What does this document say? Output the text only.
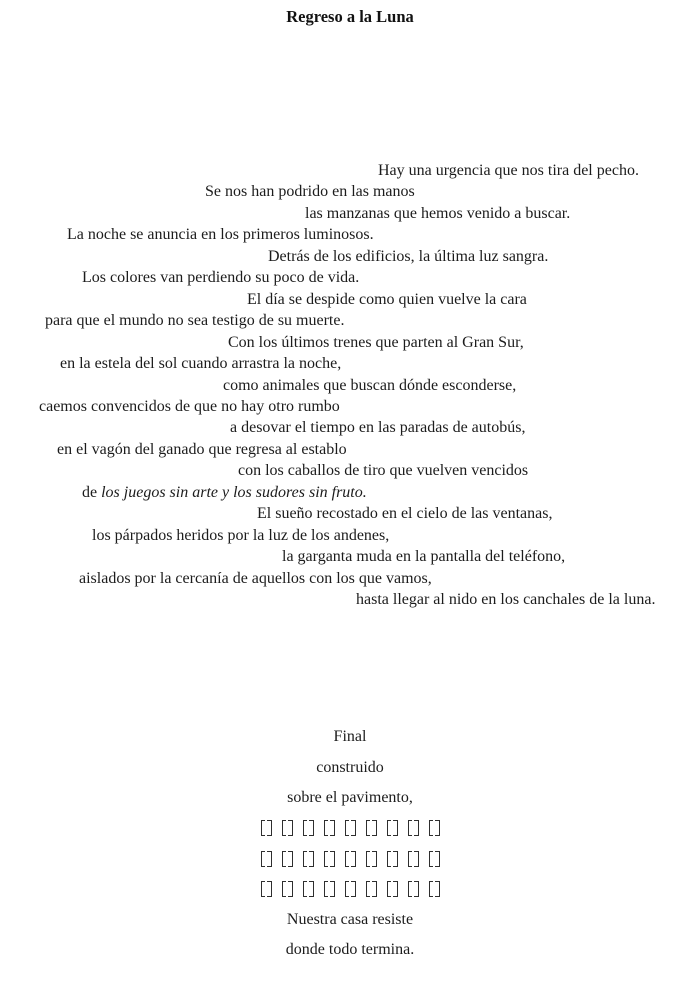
Regreso a la Luna
Hay una urgencia que nos tira del pecho.
Se nos han podrido en las manos
las manzanas que hemos venido a buscar.
La noche se anuncia en los primeros luminosos.
Detrás de los edificios, la última luz sangra.
Los colores van perdiendo su poco de vida.
El día se despide como quien vuelve la cara
para que el mundo no sea testigo de su muerte.
Con los últimos trenes que parten al Gran Sur,
en la estela del sol cuando arrastra la noche,
como animales que buscan dónde esconderse,
caemos convencidos de que no hay otro rumbo
a desovar el tiempo en las paradas de autobús,
en el vagón del ganado que regresa al establo
con los caballos de tiro que vuelven vencidos
de los juegos sin arte y los sudores sin fruto.
El sueño recostado en el cielo de las ventanas,
los párpados heridos por la luz de los andenes,
la garganta muda en la pantalla del teléfono,
aislados por la cercanía de aquellos con los que vamos,
hasta llegar al nido en los canchales de la luna.
Final
construido
sobre el pavimento,
Nuestra casa resiste
donde todo termina.
